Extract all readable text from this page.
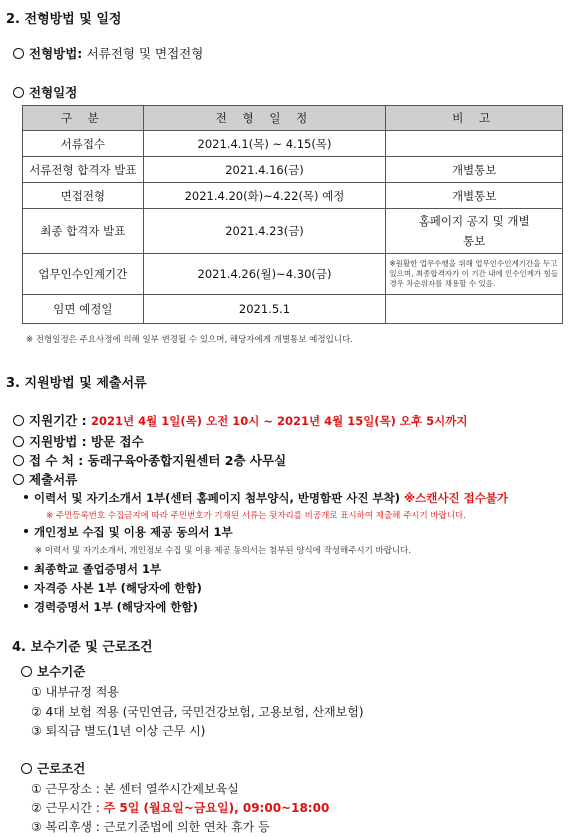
2. 전형방법 및 일정
전형방법: 서류전형 및 면접전형
전형일정
구 분	전 형 일 정	비 고
서류접수	2021.4.1(목) ~ 4.15(목)	
서류전형 합격자 발표	2021.4.16(금)	개별통보
면접전형	2021.4.20(화)~4.22(목) 예정	개별통보
최종 합격자 발표	2021.4.23(금)	홈페이지 공지 및 개별 통보
업무인수인계기간	2021.4.26(월)~4.30(금)	※원활한 업무수행을 위해 업무인수인계기간을 두고 있으며, 최종합격자가 이 기간 내에 인수인계가 힘들 경우 차순위자를 채용할 수 있음.
임면 예정일	2021.5.1	
※ 전형일정은 주요사정에 의해 일부 변경될 수 있으며, 해당자에게 개별통보 예정입니다.
3. 지원방법 및 제출서류
지원기간 : 2021년 4월 1일(목) 오전 10시 ~ 2021년 4월 15일(목) 오후 5시까지
지원방법 : 방문 접수
접 수 처 : 동래구육아종합지원센터 2층 사무실
제출서류
이력서 및 자기소개서 1부(센터 홈페이지 첨부양식, 반명함판 사진 부착) ※스캔사진 접수불가
※ 주민등록번호 수집금지에 따라 주민번호가 기재된 서류는 뒷자리를 비공개로 표시하여 제출해 주시기 바랍니다.
개인정보 수집 및 이용 제공 동의서 1부
※ 이력서 및 자기소개서, 개인정보 수집 및 이용 제공 동의서는 첨부된 양식에 작성해주시기 바랍니다.
최종학교 졸업증명서 1부
자격증 사본 1부 (해당자에 한함)
경력증명서 1부 (해당자에 한함)
4. 보수기준 및 근로조건
보수기준
① 내부규정 적용
② 4대 보험 적용 (국민연금, 국민건강보험, 고용보험, 산재보험)
③ 퇴직금 별도(1년 이상 근무 시)
근로조건
① 근무장소 : 본 센터 열쑤시간제보육실
② 근무시간 : 주 5일 (월요일~금요일), 09:00~18:00
③ 복리후생 : 근로기준법에 의한 연차 휴가 등
